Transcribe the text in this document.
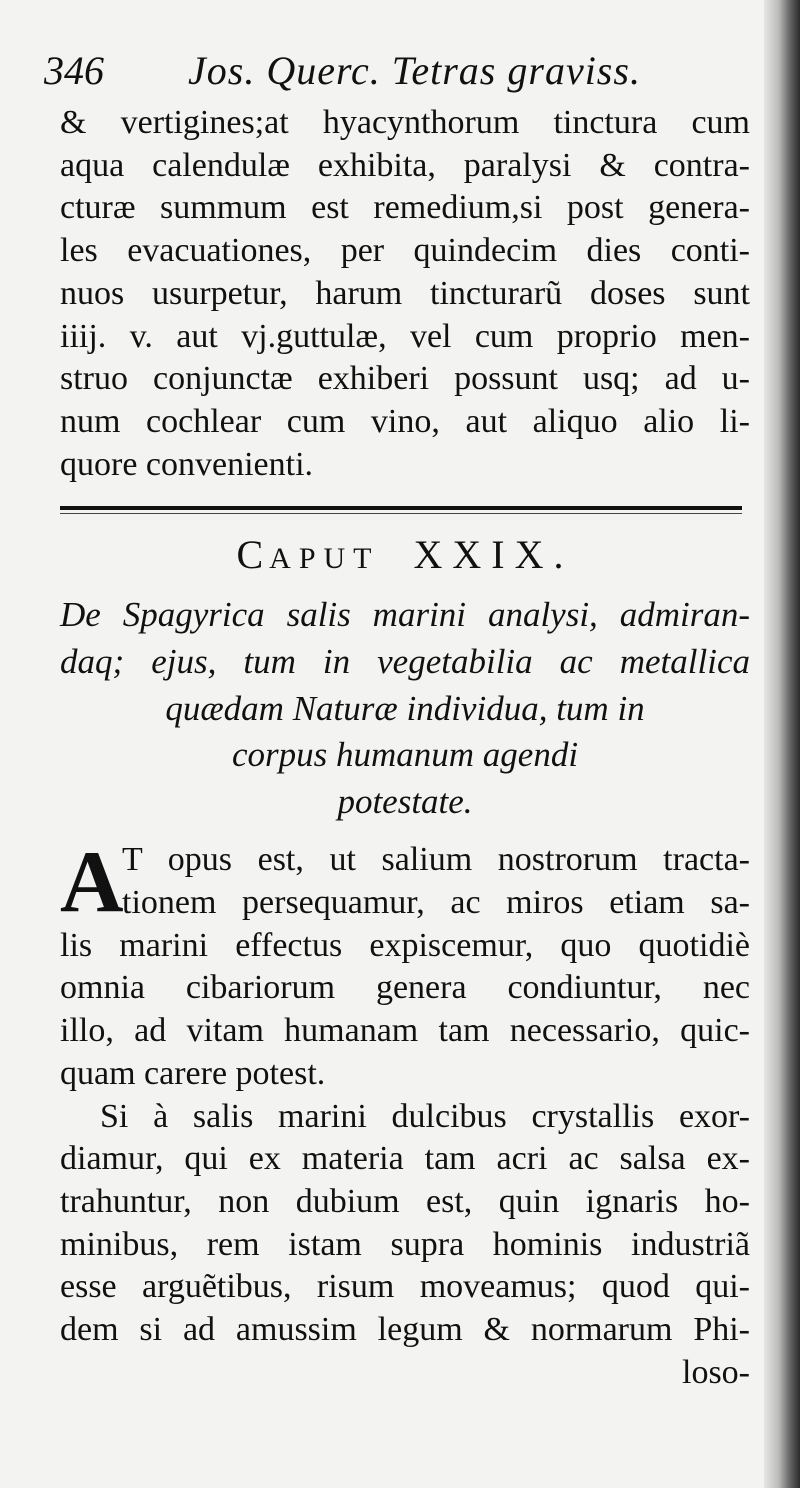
346 Jos. Querc. Tetras graviss.

& vertigines;at hyacynthorum tinctura cum
aqua calendulæ exhibita, paralysi & contra-
cturæ summum est remedium,si post genera-
les evacuationes, per quindecim dies conti-
nuos usurpetur, harum tincturarũ doses sunt
iiij. v. aut vj.guttulæ, vel cum proprio men-
struo conjunctæ exhiberi possunt usq; ad u-
num cochlear cum vino, aut aliquo alio li-
quore convenienti.

CAPUT XXIX.
De Spagyrica salis marini analysi, admiran-
daq; ejus, tum in vegetabilia ac metallica
quædam Naturæ individua, tum in
corpus humanum agendi
potestate.

A
T opus est, ut salium nostrorum tracta-
tionem persequamur, ac miros etiam sa-
lis marini effectus expiscemur, quo quotidiè
omnia cibariorum genera condiuntur, nec
illo, ad vitam humanam tam necessario, quic-
quam carere potest.

Si à salis marini dulcibus crystallis exor-
diamur, qui ex materia tam acri ac salsa ex-
trahuntur, non dubium est, quin ignaris ho-
minibus, rem istam supra hominis industriã
esse arguẽtibus, risum moveamus; quod qui-
dem si ad amussim legum & normarum Phi-
loso-
